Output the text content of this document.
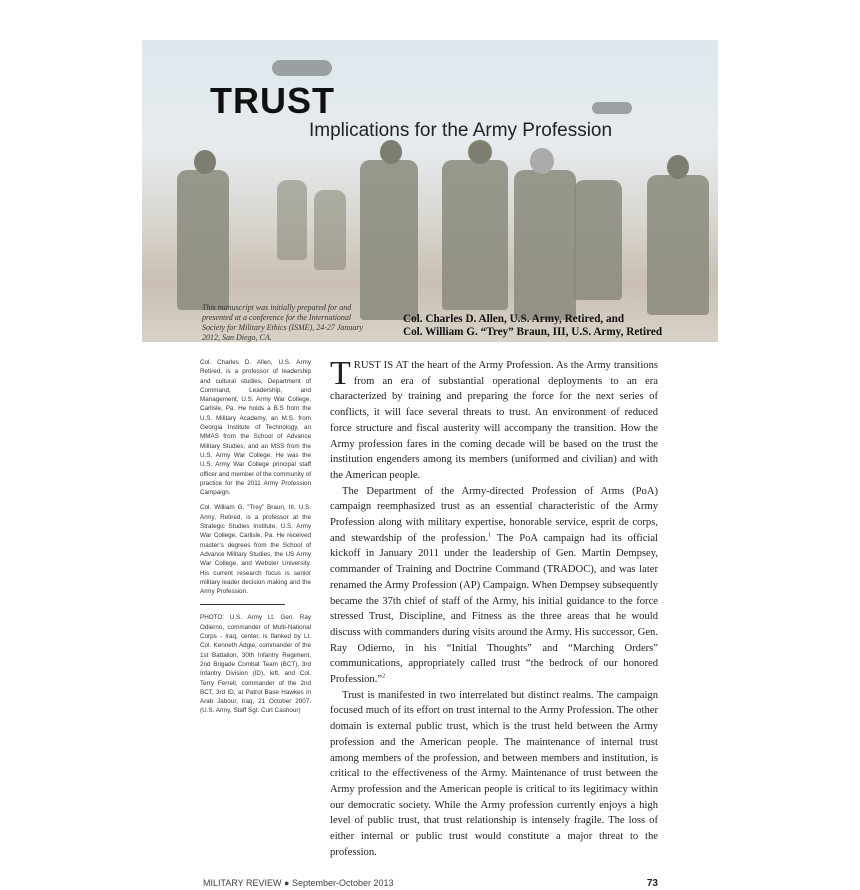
TRUST
Implications for the Army Profession
This manuscript was initially prepared for and presented at a conference for the International Society for Military Ethics (ISME), 24-27 January 2012, San Diego, CA.
Col. Charles D. Allen, U.S. Army, Retired, and
Col. William G. “Trey” Braun, III, U.S. Army, Retired

Col. Charles D. Allen, U.S. Army Retired, is a professor of leadership and cultural studies, Department of Command, Leadership, and Management, U.S. Army War College, Carlisle, Pa. He holds a B.S from the U.S. Military Academy, an M.S. from Georgia Institute of Technology, an MMAS from the School of Advance Military Studies, and an MSS from the U.S. Army War College. He was the U.S. Army War College principal staff officer and member of the community of practice for the 2011 Army Profession Campaign.

Col. William G. “Trey” Braun, III, U.S. Army, Retired, is a professor at the Strategic Studies Institute, U.S. Army War College, Carlisle, Pa. He received master’s degrees from the School of Advance Military Studies, the US Army War College, and Webster University. His current research focus is senior military leader decision making and the Army Profession.

PHOTO: U.S. Army Lt. Gen. Ray Odierno, commander of Multi-National Corps - Iraq, center, is flanked by Lt. Col. Kenneth Adgie, commander of the 1st Battalion, 30th Infantry Regiment, 2nd Brigade Combat Team (BCT), 3rd Infantry Division (ID), left, and Col. Terry Ferrell, commander of the 2nd BCT, 3rd ID, at Patrol Base Hawkes in Arab Jabour, Iraq, 21 October 2007. (U.S. Army, Staff Sgt. Curt Cashour)

TRUST IS AT the heart of the Army Profession. As the Army transitions from an era of substantial operational deployments to an era characterized by training and preparing the force for the next series of conflicts, it will face several threats to trust. An environment of reduced force structure and fiscal austerity will accompany the transition. How the Army profession fares in the coming decade will be based on the trust the institution engenders among its members (uniformed and civilian) and with the American people.

The Department of the Army-directed Profession of Arms (PoA) campaign reemphasized trust as an essential characteristic of the Army Profession along with military expertise, honorable service, esprit de corps, and stewardship of the profession.$^1$ The PoA campaign had its official kickoff in January 2011 under the leadership of Gen. Martin Dempsey, commander of Training and Doctrine Command (TRADOC), and was later renamed the Army Profession (AP) Campaign. When Dempsey subsequently became the 37th chief of staff of the Army, his initial guidance to the force stressed Trust, Discipline, and Fitness as the three areas that he would discuss with commanders during visits around the Army. His successor, Gen. Ray Odierno, in his “Initial Thoughts” and “Marching Orders” communications, appropriately called trust “the bedrock of our honored Profession.”$^2$

Trust is manifested in two interrelated but distinct realms. The campaign focused much of its effort on trust internal to the Army Profession. The other domain is external public trust, which is the trust held between the Army profession and the American people. The maintenance of internal trust among members of the profession, and between members and institution, is critical to the effectiveness of the Army. Maintenance of trust between the Army profession and the American people is critical to its legitimacy within our democratic society. While the Army profession currently enjoys a high level of public trust, that trust relationship is intensely fragile. The loss of either internal or public trust would constitute a major threat to the profession.

MILITARY REVIEW ● September-October 2013	73
